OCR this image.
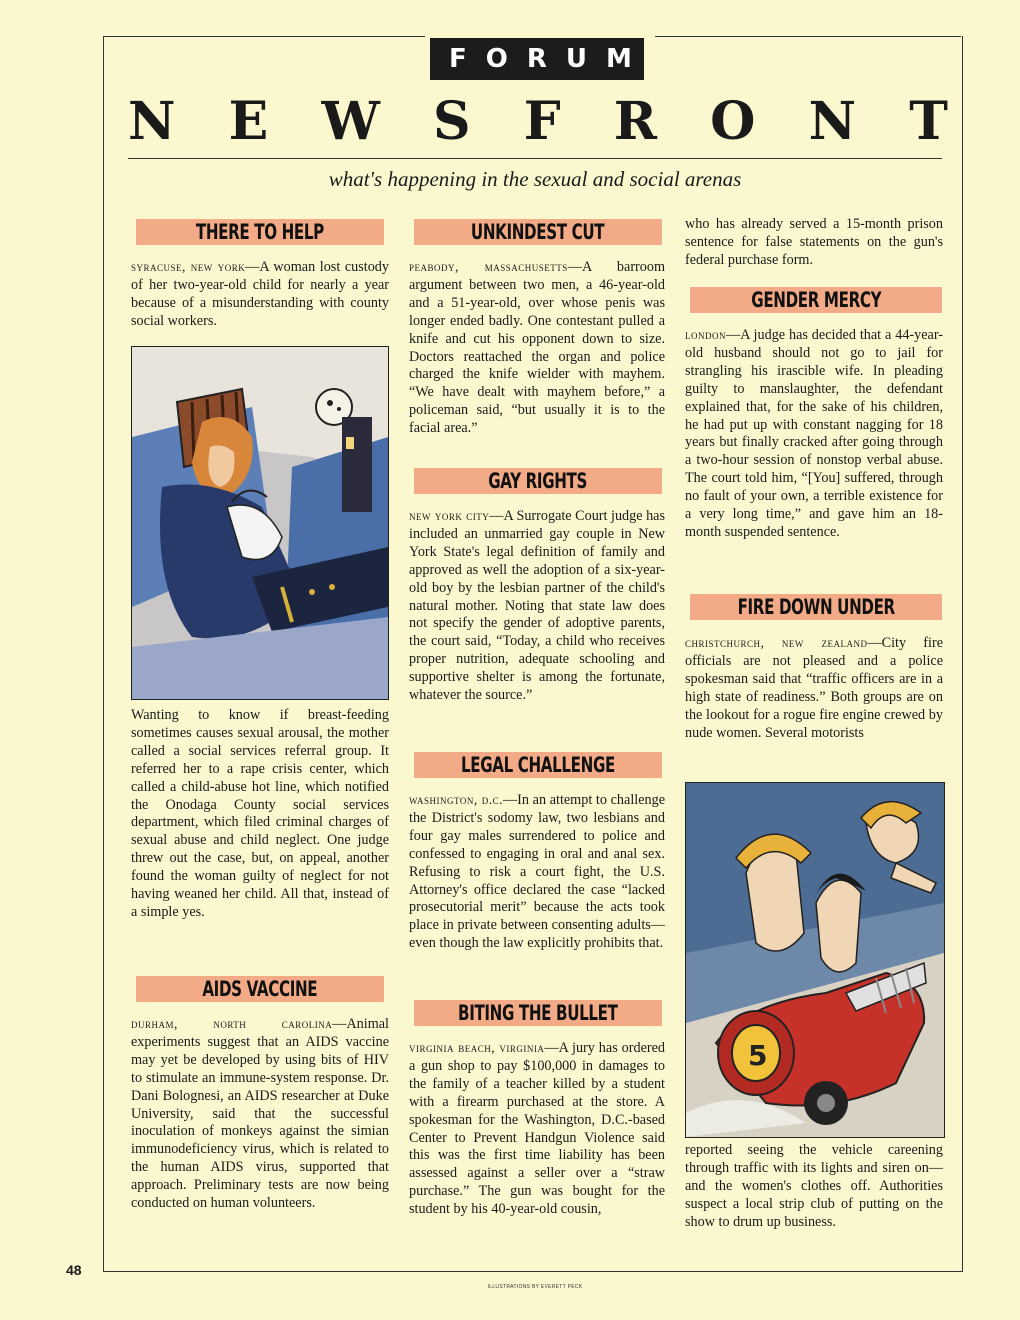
FORUM
N E W S F R O N T
what's happening in the sexual and social arenas
THERE TO HELP

syracuse, new york—A woman lost custody of her two-year-old child for nearly a year because of a misunderstanding with county social workers.

Wanting to know if breast-feeding sometimes causes sexual arousal, the mother called a social services referral group. It referred her to a rape crisis center, which called a child-abuse hot line, which notified the Onodaga County social services department, which filed criminal charges of sexual abuse and child neglect. One judge threw out the case, but, on appeal, another found the woman guilty of neglect for not having weaned her child. All that, instead of a simple yes.
AIDS VACCINE

durham, north carolina—Animal experiments suggest that an AIDS vaccine may yet be developed by using bits of HIV to stimulate an immune-system response. Dr. Dani Bolognesi, an AIDS researcher at Duke University, said that the successful inoculation of monkeys against the simian immunodeficiency virus, which is related to the human AIDS virus, supported that approach. Preliminary tests are now being conducted on human volunteers.

UNKINDEST CUT

peabody, massachusetts—A barroom argument between two men, a 46-year-old and a 51-year-old, over whose penis was longer ended badly. One contestant pulled a knife and cut his opponent down to size. Doctors reattached the organ and police charged the knife wielder with mayhem. “We have dealt with mayhem before,” a policeman said, “but usually it is to the facial area.”

GAY RIGHTS

new york city—A Surrogate Court judge has included an unmarried gay couple in New York State's legal definition of family and approved as well the adoption of a six-year-old boy by the lesbian partner of the child's natural mother. Noting that state law does not specify the gender of adoptive parents, the court said, “Today, a child who receives proper nutrition, adequate schooling and supportive shelter is among the fortunate, whatever the source.”

LEGAL CHALLENGE

washington, d.c.—In an attempt to challenge the District's sodomy law, two lesbians and four gay males surrendered to police and confessed to engaging in oral and anal sex. Refusing to risk a court fight, the U.S. Attorney's office declared the case “lacked prosecutorial merit” because the acts took place in private between consenting adults—even though the law explicitly prohibits that.

BITING THE BULLET

virginia beach, virginia—A jury has ordered a gun shop to pay $100,000 in damages to the family of a teacher killed by a student with a firearm purchased at the store. A spokesman for the Washington, D.C.-based Center to Prevent Handgun Violence said this was the first time liability has been assessed against a seller over a “straw purchase.” The gun was bought for the student by his 40-year-old cousin,

who has already served a 15-month prison sentence for false statements on the gun's federal purchase form.
GENDER MERCY

london—A judge has decided that a 44-year-old husband should not go to jail for strangling his irascible wife. In pleading guilty to manslaughter, the defendant explained that, for the sake of his children, he had put up with constant nagging for 18 years but finally cracked after going through a two-hour session of nonstop verbal abuse. The court told him, “[You] suffered, through no fault of your own, a terrible existence for a very long time,” and gave him an 18-month suspended sentence.

FIRE DOWN UNDER

christchurch, new zealand—City fire officials are not pleased and a police spokesman said that “traffic officers are in a high state of readiness.” Both groups are on the lookout for a rogue fire engine crewed by nude women. Several motorists

5
reported seeing the vehicle careening through traffic with its lights and siren on—and the women's clothes off. Authorities suspect a local strip club of putting on the show to drum up business.
48
ILLUSTRATIONS BY EVERETT PECK
